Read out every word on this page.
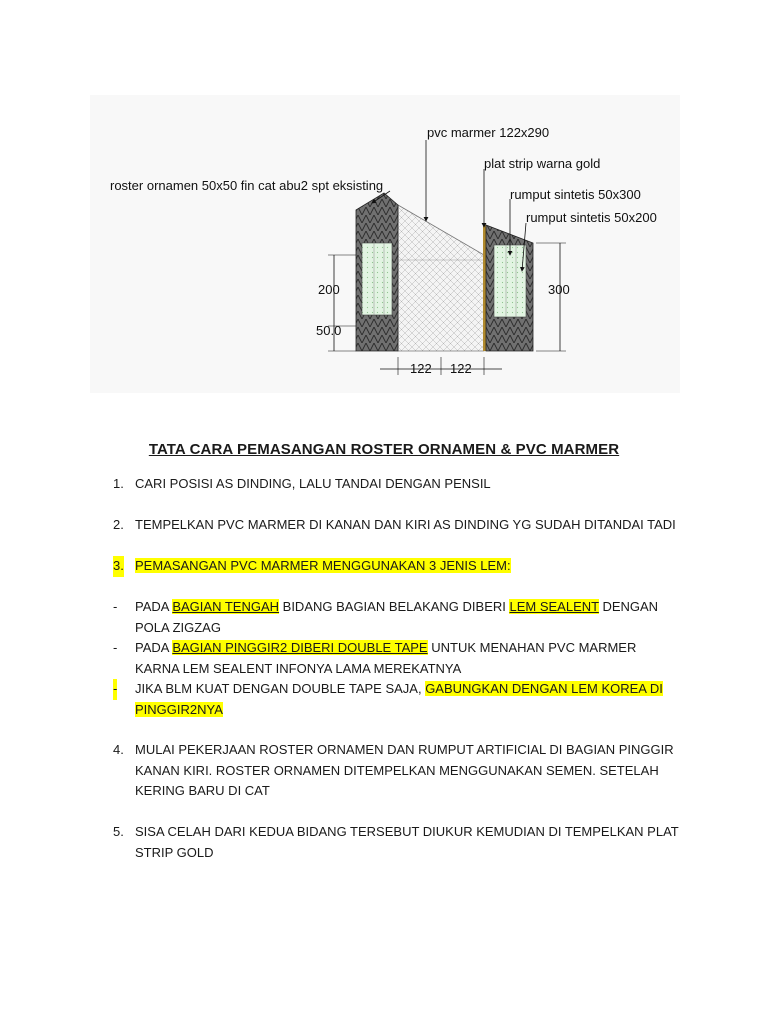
pvc marmer 122x290
plat strip warna gold
roster ornamen 50x50 fin cat abu2 spt eksisting
rumput sintetis 50x300
rumput sintetis 50x200
200
50.0
300
122 122
TATA CARA PEMASANGAN ROSTER ORNAMEN & PVC MARMER
1. CARI POSISI AS DINDING, LALU TANDAI DENGAN PENSIL
2. TEMPELKAN PVC MARMER DI KANAN DAN KIRI AS DINDING YG SUDAH DITANDAI TADI
3. PEMASANGAN PVC MARMER MENGGUNAKAN 3 JENIS LEM:
- PADA BAGIAN TENGAH BIDANG BAGIAN BELAKANG DIBERI LEM SEALENT DENGAN POLA ZIGZAG
- PADA BAGIAN PINGGIR2 DIBERI DOUBLE TAPE UNTUK MENAHAN PVC MARMER KARNA LEM SEALENT INFONYA LAMA MEREKATNYA
- JIKA BLM KUAT DENGAN DOUBLE TAPE SAJA, GABUNGKAN DENGAN LEM KOREA DI PINGGIR2NYA
4. MULAI PEKERJAAN ROSTER ORNAMEN DAN RUMPUT ARTIFICIAL DI BAGIAN PINGGIR KANAN KIRI. ROSTER ORNAMEN DITEMPELKAN MENGGUNAKAN SEMEN. SETELAH KERING BARU DI CAT
5. SISA CELAH DARI KEDUA BIDANG TERSEBUT DIUKUR KEMUDIAN DI TEMPELKAN PLAT STRIP GOLD
